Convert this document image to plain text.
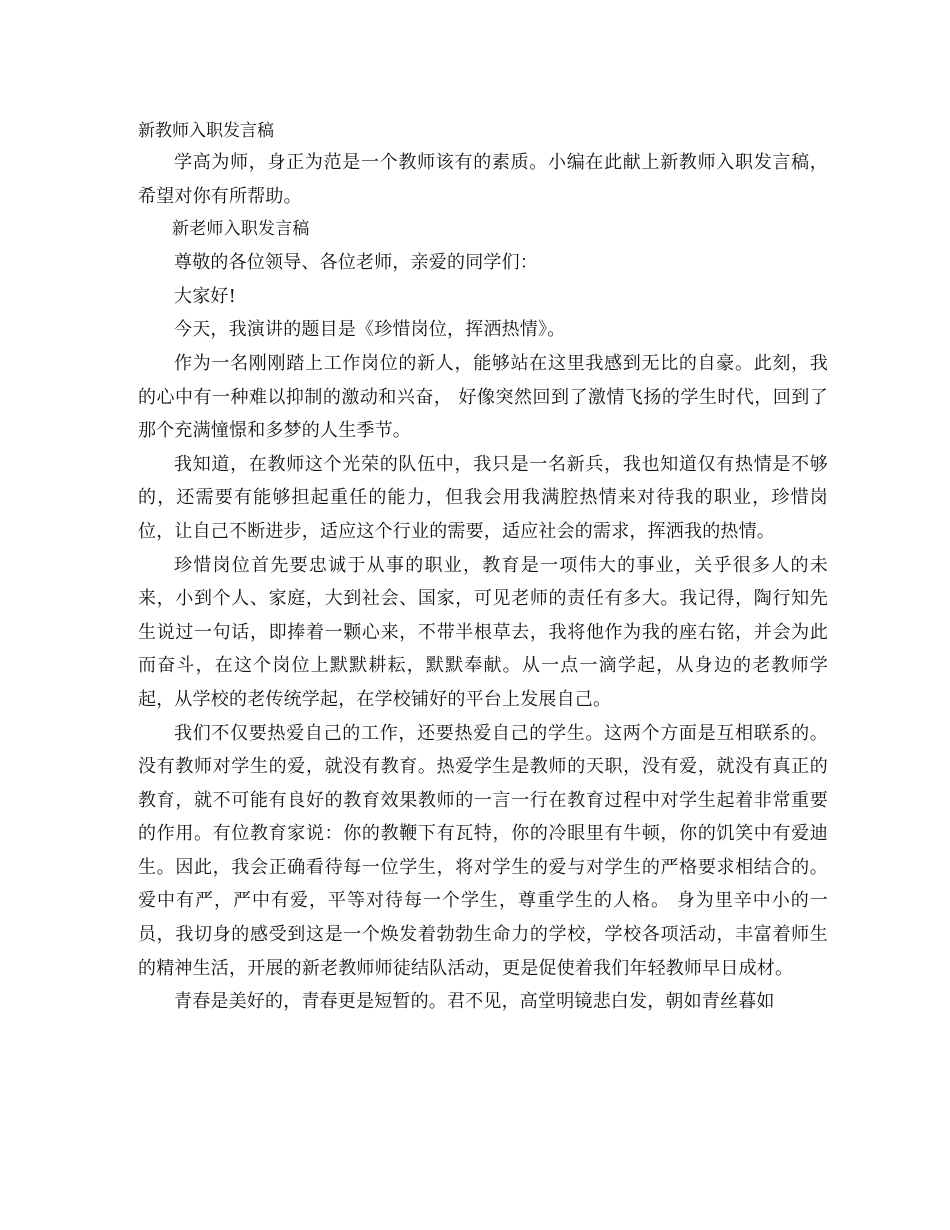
新教师入职发言稿

学高为师，身正为范是一个教师该有的素质。小编在此献上新教师入职发言稿，希望对你有所帮助。

新老师入职发言稿

尊敬的各位领导、各位老师，亲爱的同学们：

大家好!

今天，我演讲的题目是《珍惜岗位，挥洒热情》。

作为一名刚刚踏上工作岗位的新人，能够站在这里我感到无比的自豪。此刻，我的心中有一种难以抑制的激动和兴奋， 好像突然回到了激情飞扬的学生时代，回到了那个充满憧憬和多梦的人生季节。

我知道，在教师这个光荣的队伍中，我只是一名新兵，我也知道仅有热情是不够的，还需要有能够担起重任的能力，但我会用我满腔热情来对待我的职业，珍惜岗位，让自己不断进步，适应这个行业的需要，适应社会的需求，挥洒我的热情。

珍惜岗位首先要忠诚于从事的职业，教育是一项伟大的事业，关乎很多人的未来，小到个人、家庭，大到社会、国家，可见老师的责任有多大。我记得，陶行知先生说过一句话，即捧着一颗心来，不带半根草去，我将他作为我的座右铭，并会为此而奋斗，在这个岗位上默默耕耘，默默奉献。从一点一滴学起，从身边的老教师学起，从学校的老传统学起，在学校铺好的平台上发展自己。

我们不仅要热爱自己的工作，还要热爱自己的学生。这两个方面是互相联系的。没有教师对学生的爱，就没有教育。热爱学生是教师的天职，没有爱，就没有真正的教育，就不可能有良好的教育效果教师的一言一行在教育过程中对学生起着非常重要的作用。有位教育家说：你的教鞭下有瓦特，你的冷眼里有牛顿，你的饥笑中有爱迪生。因此，我会正确看待每一位学生，将对学生的爱与对学生的严格要求相结合的。爱中有严，严中有爱，平等对待每一个学生，尊重学生的人格。 身为里辛中小的一员，我切身的感受到这是一个焕发着勃勃生命力的学校，学校各项活动，丰富着师生的精神生活，开展的新老教师师徒结队活动，更是促使着我们年轻教师早日成材。

青春是美好的，青春更是短暂的。君不见，高堂明镜悲白发，朝如青丝暮如
